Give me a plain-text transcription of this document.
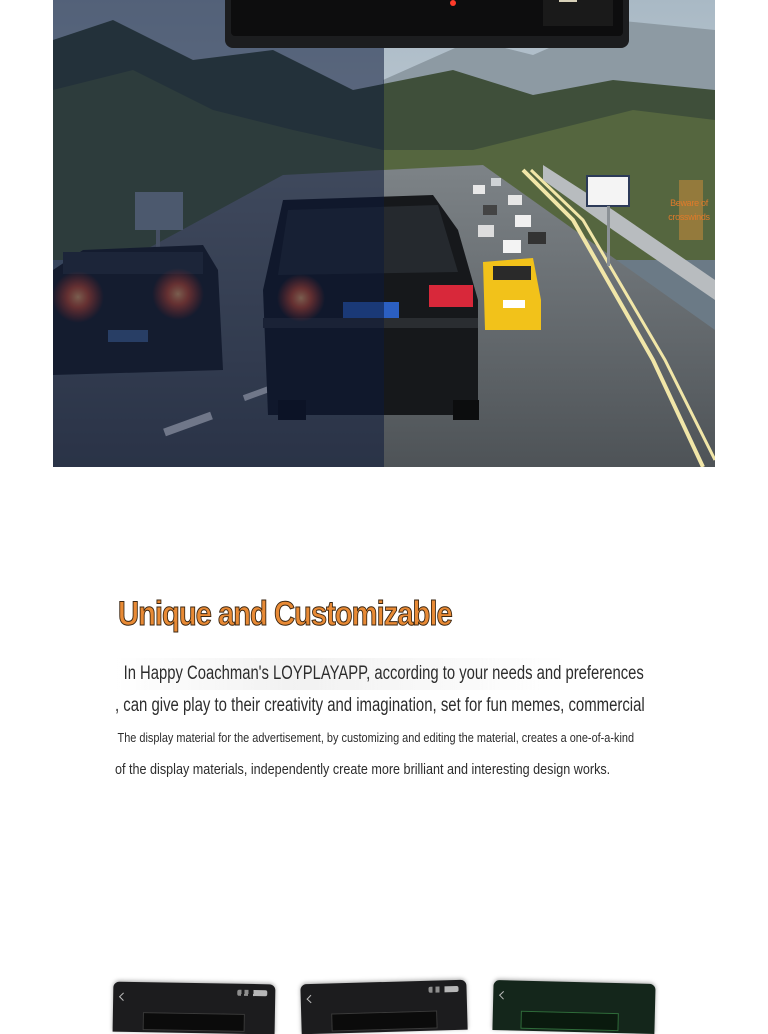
Beware of crosswinds
Unique and Customizable
In Happy Coachman's LOYPLAYAPP, according to your needs and preferences
, can give play to their creativity and imagination, set for fun memes, commercial
The display material for the advertisement, by customizing and editing the material, creates a one-of-a-kind
of the display materials, independently create more brilliant and interesting design works.
